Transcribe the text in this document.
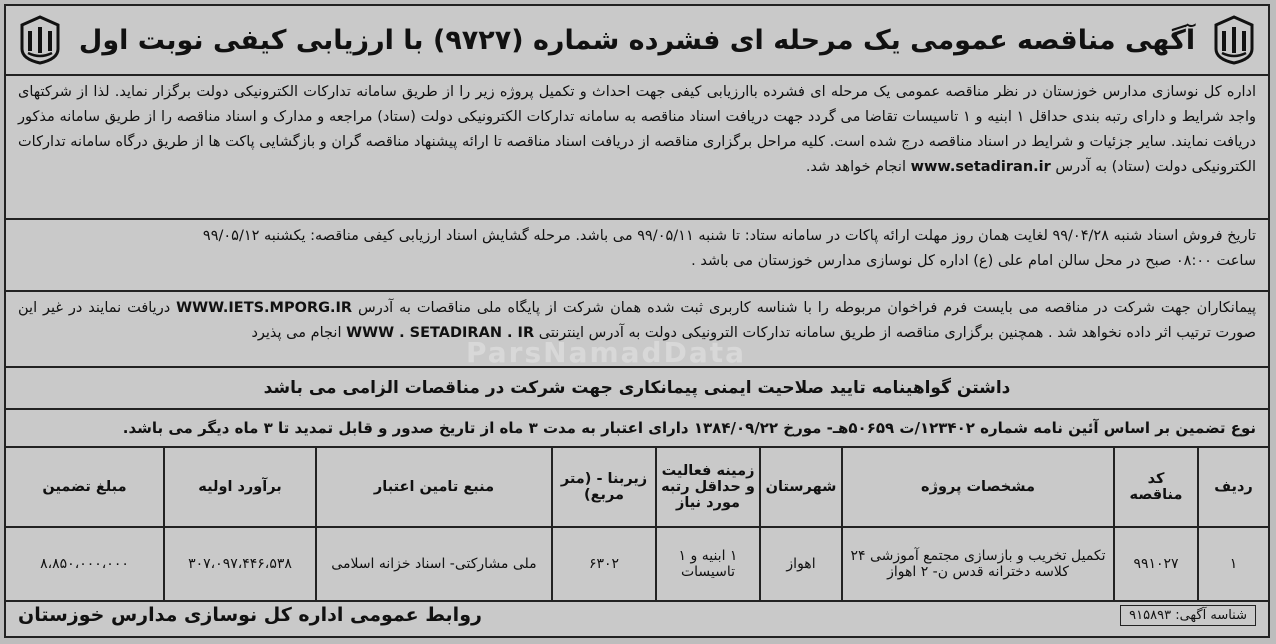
آگهی مناقصه عمومی یک مرحله ای فشرده شماره (۹۷۲۷) با ارزیابی کیفی نوبت اول

اداره کل نوسازی مدارس خوزستان در نظر مناقصه عمومی یک مرحله ای فشرده باارزیابی کیفی جهت احداث و تکمیل پروژه زیر را از طریق سامانه تدارکات الکترونیکی دولت برگزار نماید. لذا از شرکتهای واجد شرایط و دارای رتبه بندی حداقل ۱ ابنیه و ۱ تاسیسات تقاضا می گردد جهت دریافت اسناد مناقصه به سامانه تدارکات الکترونیکی دولت (ستاد) مراجعه و مدارک و اسناد مناقصه را از طریق سامانه مذکور دریافت نمایند. سایر جزئیات و شرایط در اسناد مناقصه درج شده است. کلیه مراحل برگزاری مناقصه از دریافت اسناد مناقصه تا ارائه پیشنهاد مناقصه گران و بازگشایی پاکت ها از طریق درگاه سامانه تدارکات الکترونیکی دولت (ستاد) به آدرس www.setadiran.ir انجام خواهد شد.

تاریخ فروش اسناد شنبه ۹۹/۰۴/۲۸ لغایت همان روز مهلت ارائه پاکات در سامانه ستاد: تا شنبه ۹۹/۰۵/۱۱ می باشد. مرحله گشایش اسناد ارزیابی کیفی مناقصه: یکشنبه ۹۹/۰۵/۱۲
ساعت ۰۸:۰۰ صبح در محل سالن امام علی (ع) اداره کل نوسازی مدارس خوزستان می باشد .
پیمانکاران جهت شرکت در مناقصه می بایست فرم فراخوان مربوطه را با شناسه کاربری ثبت شده همان شرکت از پایگاه ملی مناقصات به آدرس WWW.IETS.MPORG.IR دریافت نمایند در غیر این صورت ترتیب اثر داده نخواهد شد . همچنین برگزاری مناقصه از طریق سامانه تدارکات الترونیکی دولت به آدرس اینترنتی WWW . SETADIRAN . IR انجام می پذیرد
داشتن گواهینامه تایید صلاحیت ایمنی پیمانکاری جهت شرکت در مناقصات الزامی می باشد
نوع تضمین بر اساس آئین نامه شماره ۱۲۳۴۰۲/ت ۵۰۶۵۹هـ- مورخ ۱۳۸۴/۰۹/۲۲ دارای اعتبار به مدت ۳ ماه از تاریخ صدور و قابل تمدید تا ۳ ماه دیگر می باشد.
ردیف	کد مناقصه	مشخصات پروژه	شهرستان	زمینه فعالیت و حداقل رتبه مورد نیاز	زیربنا - (متر مربع)	منبع تامین اعتبار	برآورد اولیه	مبلغ تضمین
۱	۹۹۱۰۲۷	تکمیل تخریب و بازسازی مجتمع آموزشی ۲۴ کلاسه دخترانه قدس ن- ۲ اهواز	اهواز	۱ ابنیه و ۱ تاسیسات	۶۳۰۲	ملی مشارکتی- اسناد خزانه اسلامی	۳۰۷،۰۹۷،۴۴۶،۵۳۸	۸،۸۵۰،۰۰۰،۰۰۰
شناسه آگهی: ۹۱۵۸۹۳
روابط عمومی اداره کل نوسازی مدارس خوزستان
ParsNamadData
